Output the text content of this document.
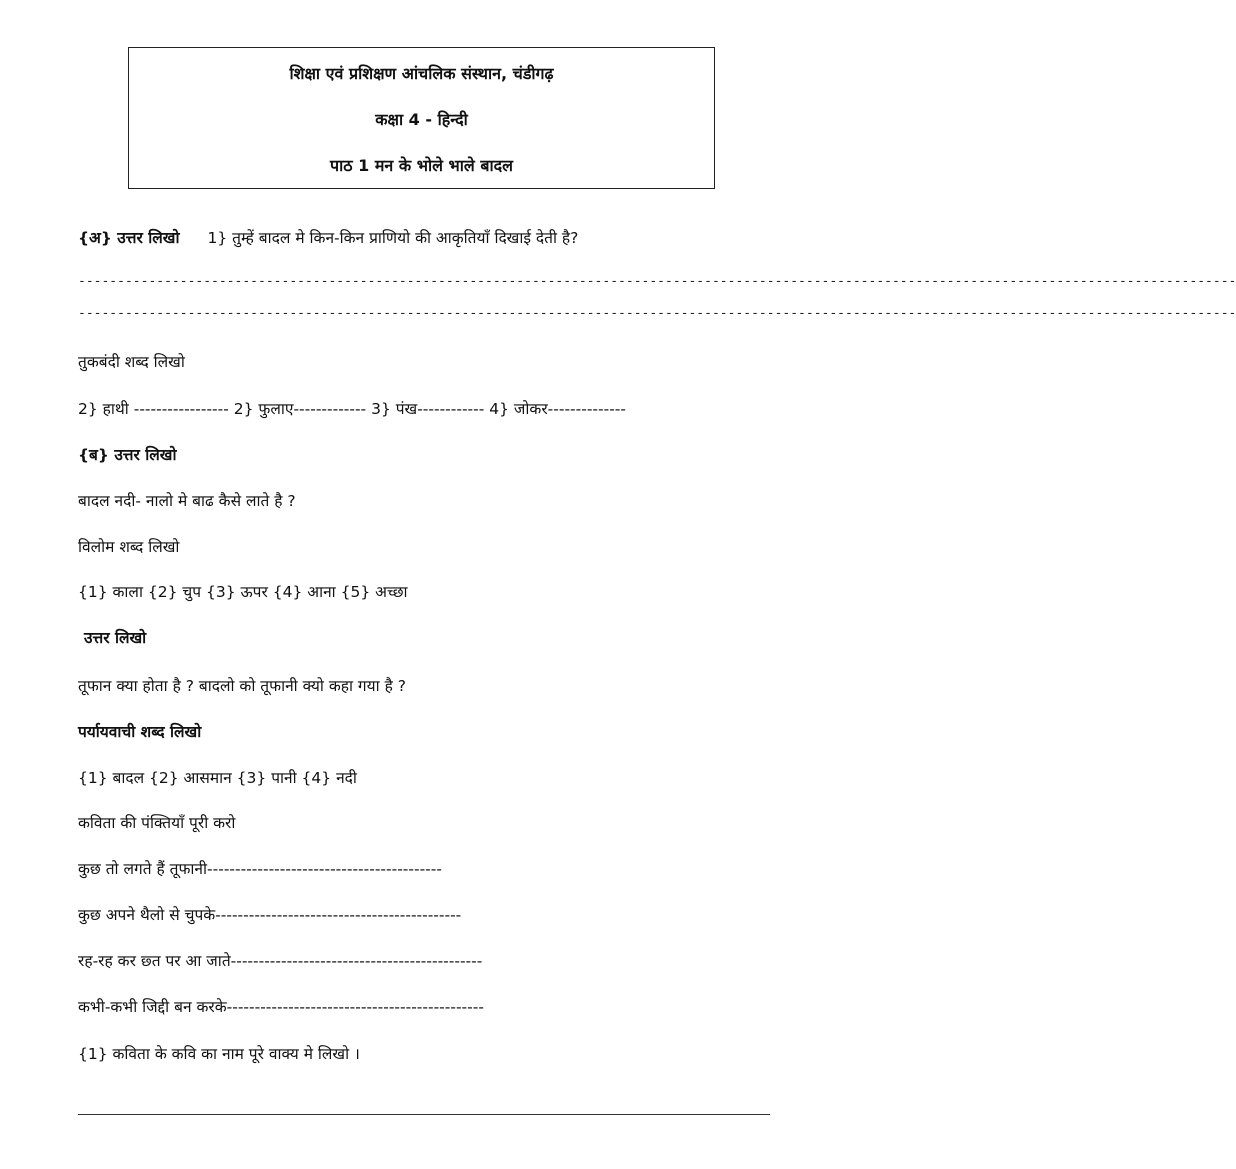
शिक्षा एवं प्रशिक्षण आंचलिक संस्थान, चंडीगढ़
कक्षा 4 - हिन्दी
पाठ 1 मन के भोले भाले बादल
{अ} उत्तर लिखो 1} तुम्हें बादल मे किन-किन प्राणियो की आकृतियाँ दिखाई देती है?
----------------------------------------------------------------------------------------------------------------------------------------------------
----------------------------------------------------------------------------------------------------------------------------------------------------
तुकबंदी शब्द लिखो
2} हाथी ----------------- 2} फुलाए------------- 3} पंख------------ 4} जोकर--------------
{ब} उत्तर लिखो
बादल नदी- नालो मे बाढ कैसे लाते है ?
विलोम शब्द लिखो
{1} काला {2} चुप {3} ऊपर {4} आना {5} अच्छा
उत्तर लिखो
तूफान क्या होता है ? बादलो को तूफानी क्यो कहा गया है ?
पर्यायवाची शब्द लिखो
{1} बादल {2} आसमान {3} पानी {4} नदी
कविता की पंक्तियाँ पूरी करो
कुछ तो लगते हैं तूफानी------------------------------------------
कुछ अपने थैलो से चुपके--------------------------------------------
रह-रह कर छ्त पर आ जाते---------------------------------------------
कभी-कभी जिद्दी बन करके----------------------------------------------
{1} कविता के कवि का नाम पूरे वाक्य मे लिखो ।
